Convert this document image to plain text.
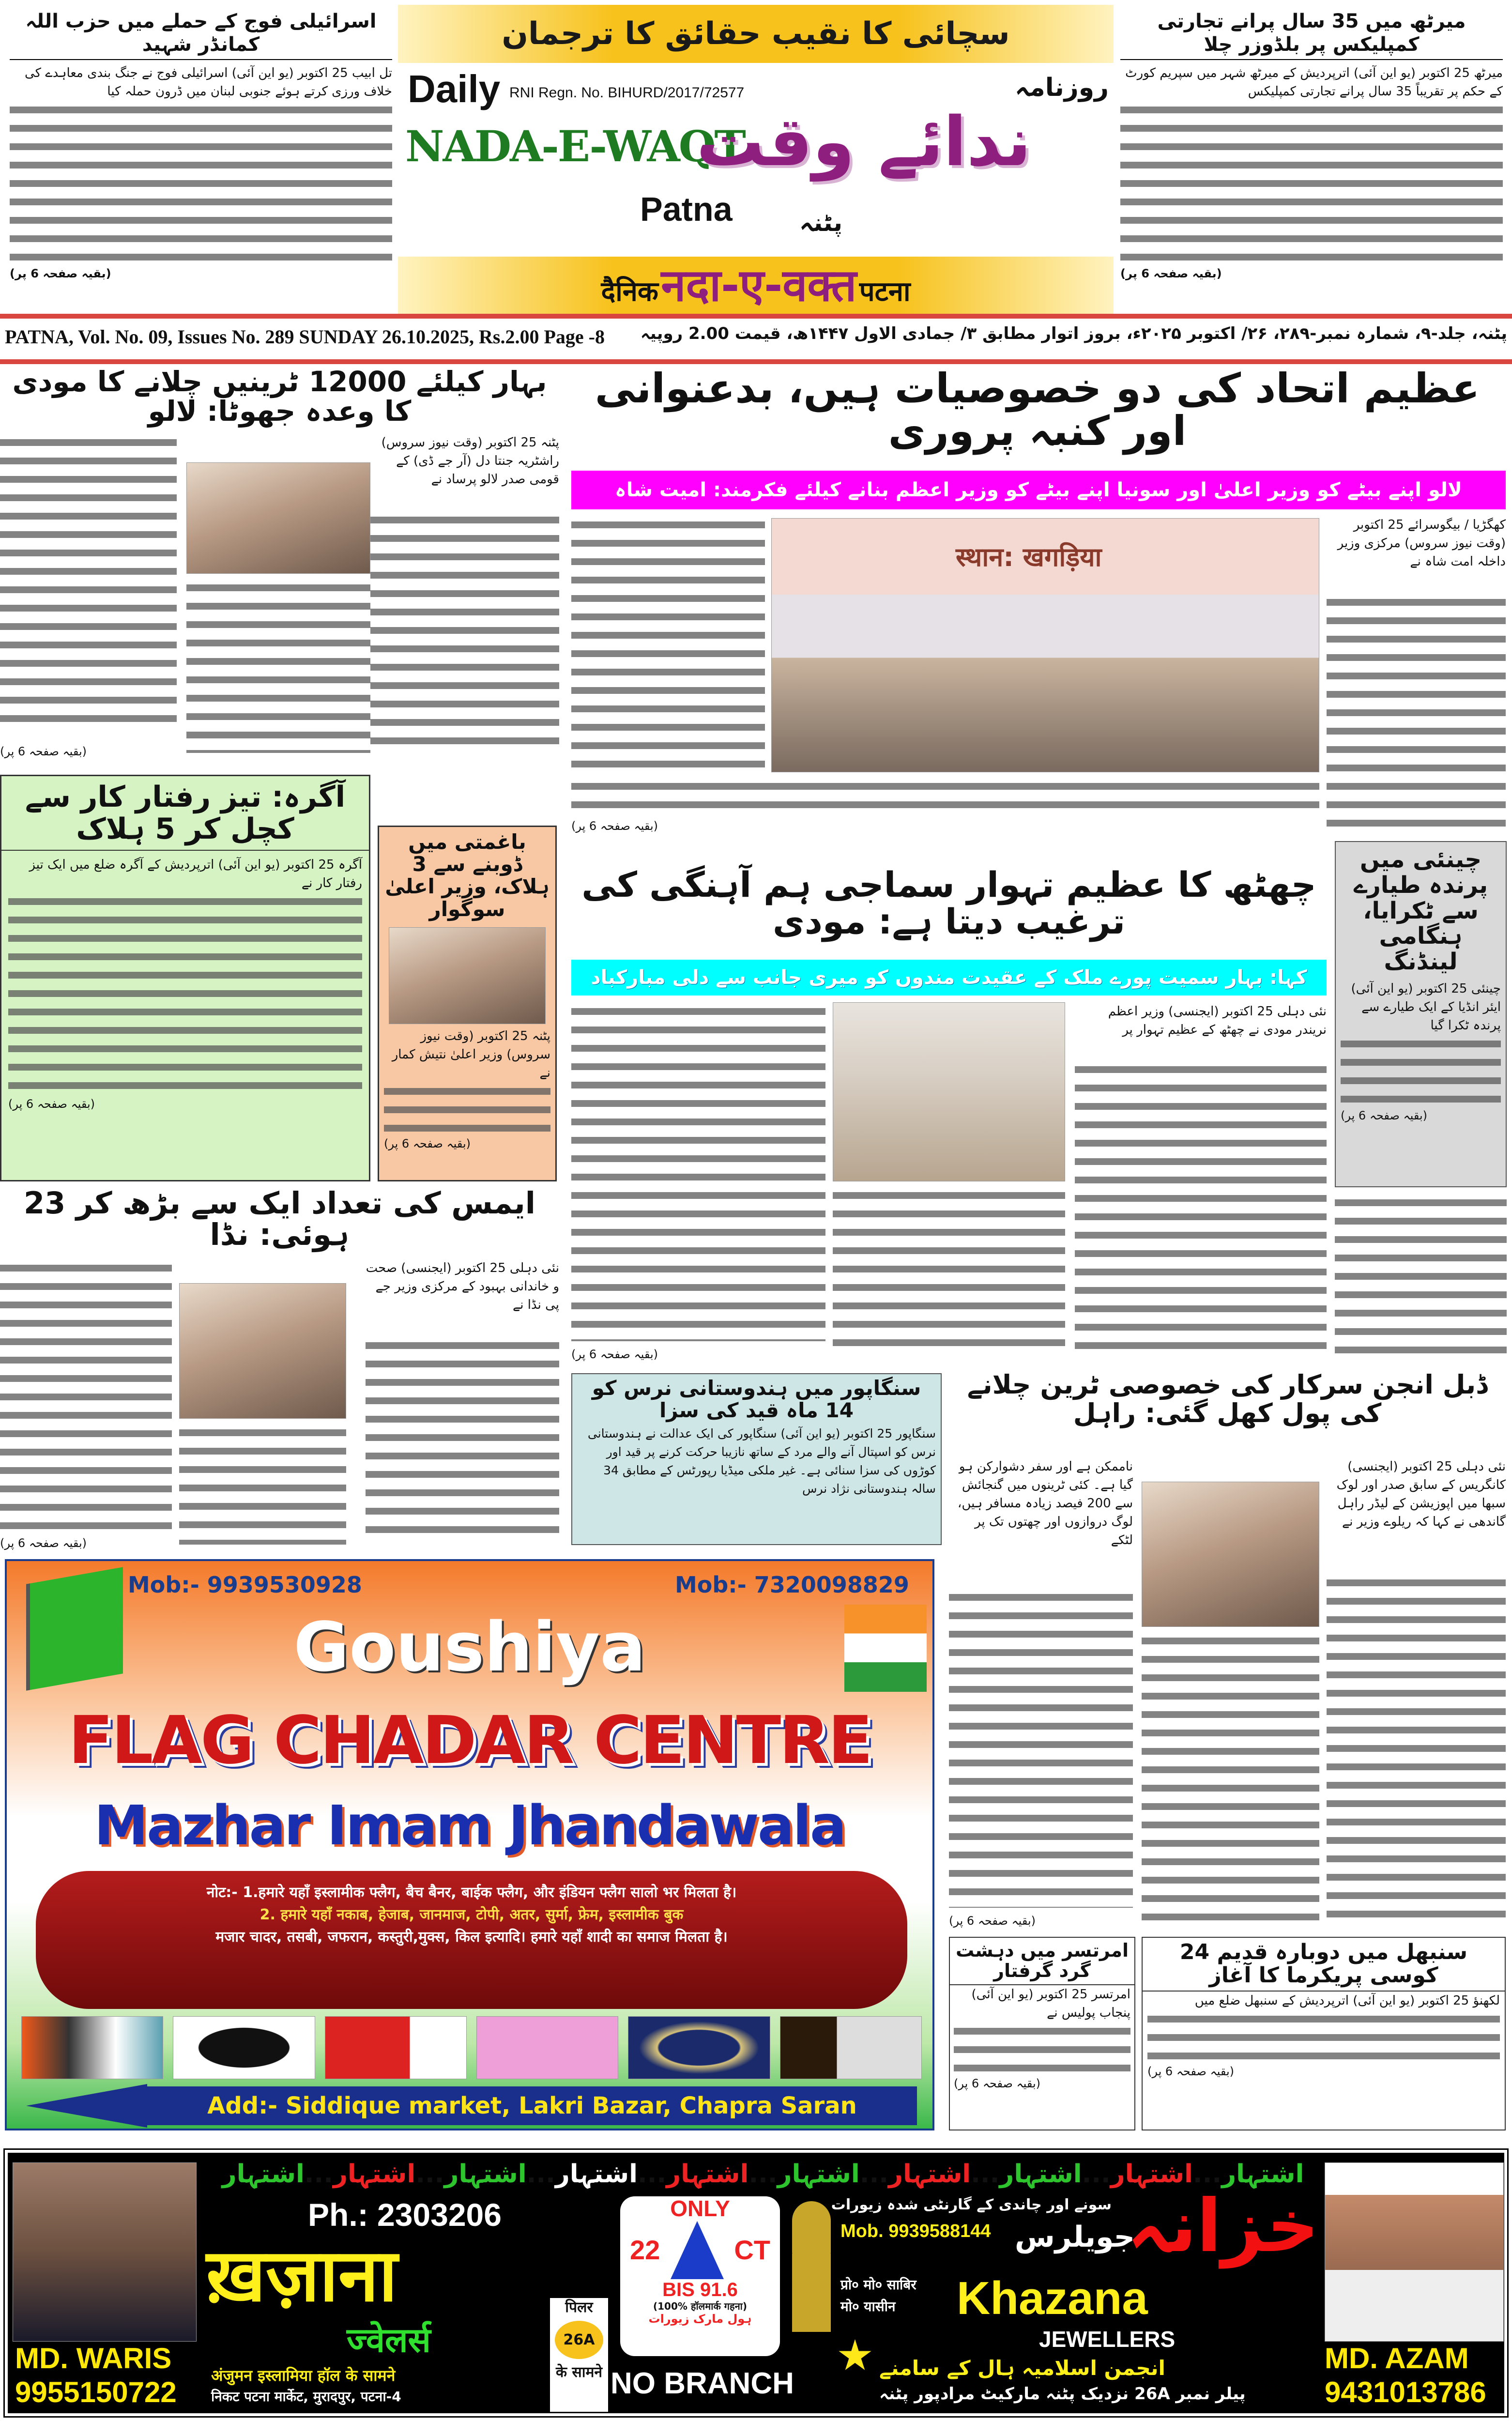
اسرائیلی فوج کے حملے میں حزب اللہ کمانڈر شہید
تل ابیب 25 اکتوبر (یو این آئی) اسرائیلی فوج نے جنگ بندی معاہدے کی خلاف ورزی کرتے ہوئے جنوبی لبنان میں ڈرون حملہ کیا
(بقیہ صفحہ 6 پر)
سچائی کا نقیب حقائق کا ترجمان
Daily RNI Regn. No. BIHURD/2017/72577
NADA-E-WAQT
Patna
روزنامہ
ندائے وقت
پٹنہ
दैनिक नदा-ए-वक्त पटना
میرٹھ میں 35 سال پرانے تجارتی کمپلیکس پر بلڈوزر چلا
میرٹھ 25 اکتوبر (یو این آئی) اترپردیش کے میرٹھ شہر میں سپریم کورٹ کے حکم پر تقریباً 35 سال پرانے تجارتی کمپلیکس
(بقیہ صفحہ 6 پر)
PATNA, Vol. No. 09, Issues No. 289 SUNDAY 26.10.2025, Rs.2.00 Page -8 پٹنہ، جلد-۹، شمارہ نمبر-۲۸۹، ۲۶/ اکتوبر ۲۰۲۵ء، بروز اتوار مطابق ۳/ جمادی الاول ۱۴۴۷ھ، قیمت 2.00 روپیہ
بہار کیلئے 12000 ٹرینیں چلانے کا مودی کا وعدہ جھوٹا: لالو
پٹنہ 25 اکتوبر (وقت نیوز سروس) راشٹریہ جنتا دل (آر جے ڈی) کے قومی صدر لالو پرساد نے
(بقیہ صفحہ 6 پر)
آگرہ: تیز رفتار کار سے کچل کر 5 ہلاک
آگرہ 25 اکتوبر (یو این آئی) اترپردیش کے آگرہ ضلع میں ایک تیز رفتار کار نے
(بقیہ صفحہ 6 پر)
باغمتی میں ڈوبنے سے 3 ہلاک، وزیر اعلیٰ سوگوار
پٹنہ 25 اکتوبر (وقت نیوز سروس) وزیر اعلیٰ نتیش کمار نے
(بقیہ صفحہ 6 پر)
ایمس کی تعداد ایک سے بڑھ کر 23 ہوئی: نڈا
نئی دہلی 25 اکتوبر (ایجنسی) صحت و خاندانی بہبود کے مرکزی وزیر جے پی نڈا نے
(بقیہ صفحہ 6 پر)
عظیم اتحاد کی دو خصوصیات ہیں، بدعنوانی اور کنبہ پروری
لالو اپنے بیٹے کو وزیر اعلیٰ اور سونیا اپنے بیٹے کو وزیر اعظم بنانے کیلئے فکرمند: امیت شاہ
کھگڑیا / بیگوسرائے 25 اکتوبر (وقت نیوز سروس) مرکزی وزیر داخلہ امت شاہ نے
स्थान: खगड़िया
(بقیہ صفحہ 6 پر)
چھٹھ کا عظیم تہوار سماجی ہم آہنگی کی ترغیب دیتا ہے: مودی
کہا: بہار سمیت پورے ملک کے عقیدت مندوں کو میری جانب سے دلی مبارکباد
نئی دہلی 25 اکتوبر (ایجنسی) وزیر اعظم نریندر مودی نے چھٹھ کے عظیم تہوار پر
(بقیہ صفحہ 6 پر)
چینئی میں پرندہ طیارے سے ٹکرایا، ہنگامی لینڈنگ
چینئی 25 اکتوبر (یو این آئی) ایئر انڈیا کے ایک طیارے سے پرندہ ٹکرا گیا
(بقیہ صفحہ 6 پر)
سنگاپور میں ہندوستانی نرس کو 14 ماہ قید کی سزا
سنگاپور 25 اکتوبر (یو این آئی) سنگاپور کی ایک عدالت نے ہندوستانی نرس کو اسپتال آنے والے مرد کے ساتھ نازیبا حرکت کرنے پر قید اور کوڑوں کی سزا سنائی ہے۔ غیر ملکی میڈیا رپورٹس کے مطابق 34 سالہ ہندوستانی نژاد نرس
ڈبل انجن سرکار کی خصوصی ٹرین چلانے کی پول کھل گئی: راہل
نئی دہلی 25 اکتوبر (ایجنسی) کانگریس کے سابق صدر اور لوک سبھا میں اپوزیشن کے لیڈر راہل گاندھی نے کہا کہ ریلوے وزیر نے
ناممکن ہے اور سفر دشوارکن ہو گیا ہے۔ کئی ٹرینوں میں گنجائش سے 200 فیصد زیادہ مسافر ہیں، لوگ دروازوں اور چھتوں تک پر لٹکے
(بقیہ صفحہ 6 پر)
امرتسر میں دہشت گرد گرفتار
امرتسر 25 اکتوبر (یو این آئی) پنجاب پولیس نے
(بقیہ صفحہ 6 پر)
سنبھل میں دوبارہ قدیم 24 کوسی پریکرما کا آغاز
لکھنؤ 25 اکتوبر (یو این آئی) اترپردیش کے سنبھل ضلع میں
(بقیہ صفحہ 6 پر)
Mob:- 9939530928	Mob:- 7320098829
Goushiya
FLAG CHADAR CENTRE
Mazhar Imam Jhandawala
नोट:- 1.हमारे यहाँ इस्लामीक फ्लैग, बैच बैनर, बाईक फ्लैग, और इंडियन फ्लैग सालो भर मिलता है।
2. हमारे यहाँ नकाब, हेजाब, जानमाज, टोपी, अतर, सुर्मा, फ्रेम, इस्लामीक बुक
मजार चादर, तसबी, जफरान, कस्तुरी,मुक्स, किल इत्यादि। हमारे यहाँ शादी का समाज मिलता है।
Add:- Siddique market, Lakri Bazar, Chapra Saran
MD. WARIS
9955150722
اشتہار...اشتہار...اشتہار...اشتہار...اشتہار...اشتہار...اشتہار...اشتہار...اشتہار...اشتہار
Ph.: 2303206
ख़ज़ाना
ज्वेलर्स
अंजुमन इस्लामिया हॉल के सामने
निकट पटना मार्केट, मुरादपुर, पटना-4
पिलर
26A
के सामने
ONLY
22	CT
BIS 91.6
(100% हॉलमार्क गहना)
ہول مارک زیورات
NO BRANCH
سونے اور چاندی کے گارنٹی شدہ زیورات
Mob. 9939588144 جویلرس
خزانہ
प्रो० मो० साबिर
मो० यासीन Khazana
JEWELLERS
انجمن اسلامیہ ہال کے سامنے
پیلر نمبر 26A نزدیک پٹنہ مارکیٹ مرادپور پٹنہ
MD. AZAM
9431013786
